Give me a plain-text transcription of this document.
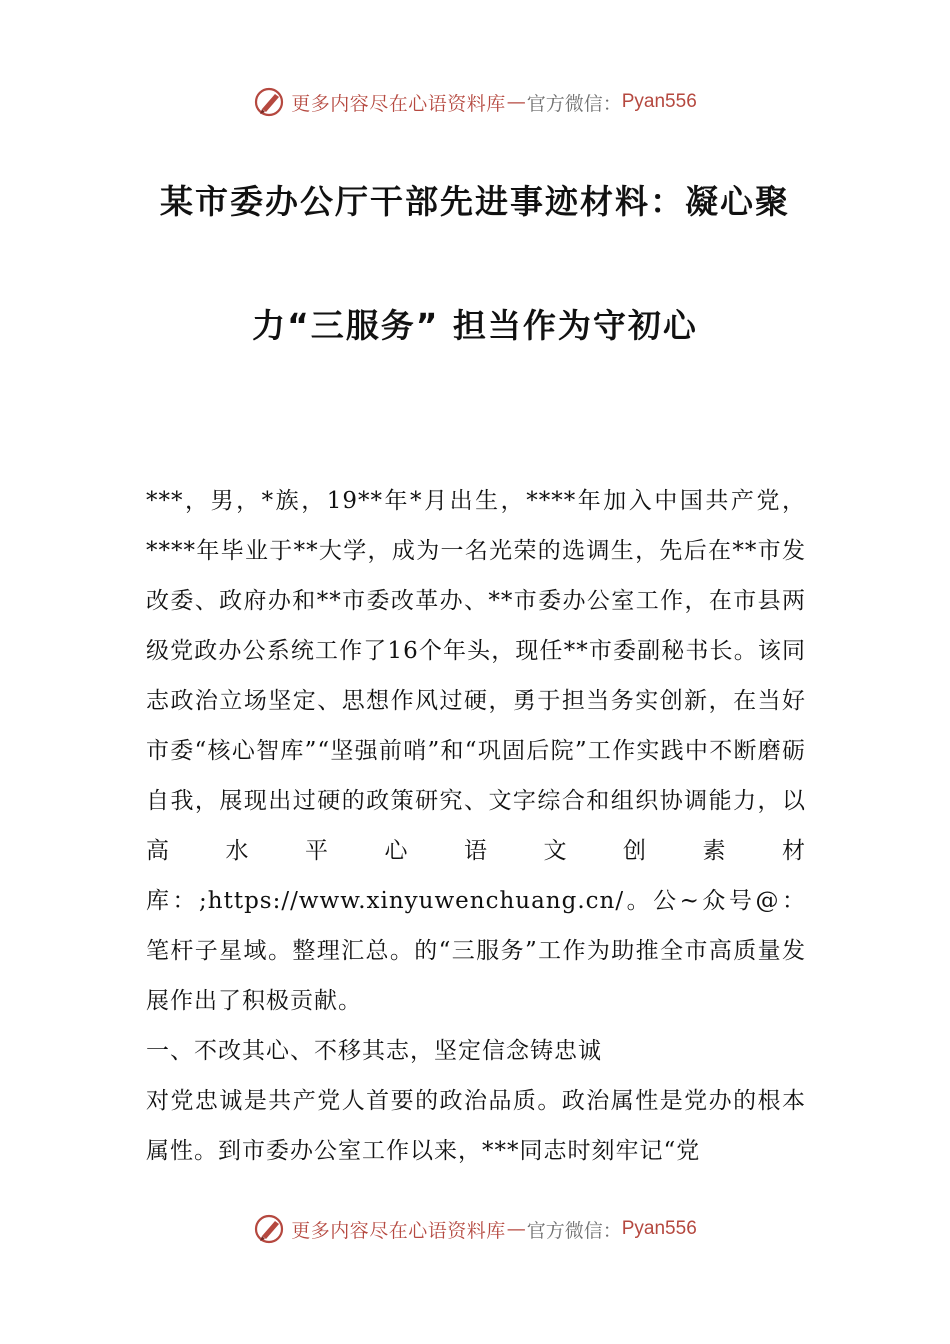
更多内容尽在心语资料库 — 官方微信： Pyan556
某市委办公厅干部先进事迹材料：凝心聚
力“三服务” 担当作为守初心

***，男，*族，19**年*月出生，****年加入中国共产党，****年毕业于**大学，成为一名光荣的选调生，先后在**市发改委、政府办和**市委改革办、**市委办公室工作，在市县两级党政办公系统工作了16个年头，现任**市委副秘书长。该同志政治立场坚定、思想作风过硬，勇于担当务实创新，在当好市委“核心智库”“坚强前哨”和“巩固后院”工作实践中不断磨砺自我，展现出过硬的政策研究、文字综合和组织协调能力，以高水平心语文创素材库：;https://www.xinyuwenchuang.cn/。公~众号@：笔杆子星域。整理汇总。的“三服务”工作为助推全市高质量发展作出了积极贡献。

一、不改其心、不移其志，坚定信念铸忠诚

对党忠诚是共产党人首要的政治品质。政治属性是党办的根本属性。到市委办公室工作以来，***同志时刻牢记“党

更多内容尽在心语资料库 — 官方微信： Pyan556
